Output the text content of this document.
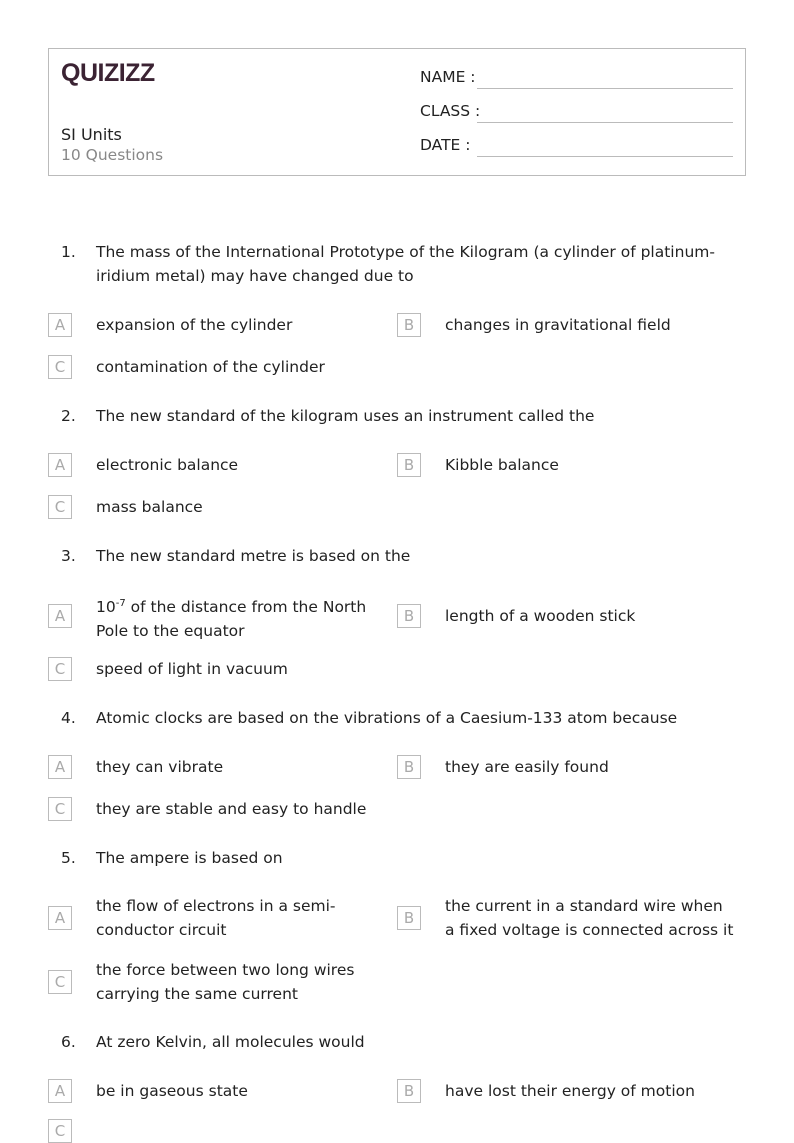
QUIZIZZ
SI Units
10 Questions
NAME :
CLASS :
DATE :
1. The mass of the International Prototype of the Kilogram (a cylinder of platinum-iridium metal) may have changed due to
A	expansion of the cylinder	B	changes in gravitational field
C	contamination of the cylinder
2. The new standard of the kilogram uses an instrument called the
A	electronic balance	B	Kibble balance
C	mass balance
3. The new standard metre is based on the
A	$10^{-7}$ of the distance from the North Pole to the equator
B	length of a wooden stick
C	speed of light in vacuum
4. Atomic clocks are based on the vibrations of a Caesium-133 atom because
A	they can vibrate	B	they are easily found
C	they are stable and easy to handle
5. The ampere is based on
A
the flow of electrons in a semi-conductor circuit
B
the current in a standard wire when a fixed voltage is connected across it
C
the force between two long wires carrying the same current
6. At zero Kelvin, all molecules would
A	be in gaseous state	B	have lost their energy of motion
C
